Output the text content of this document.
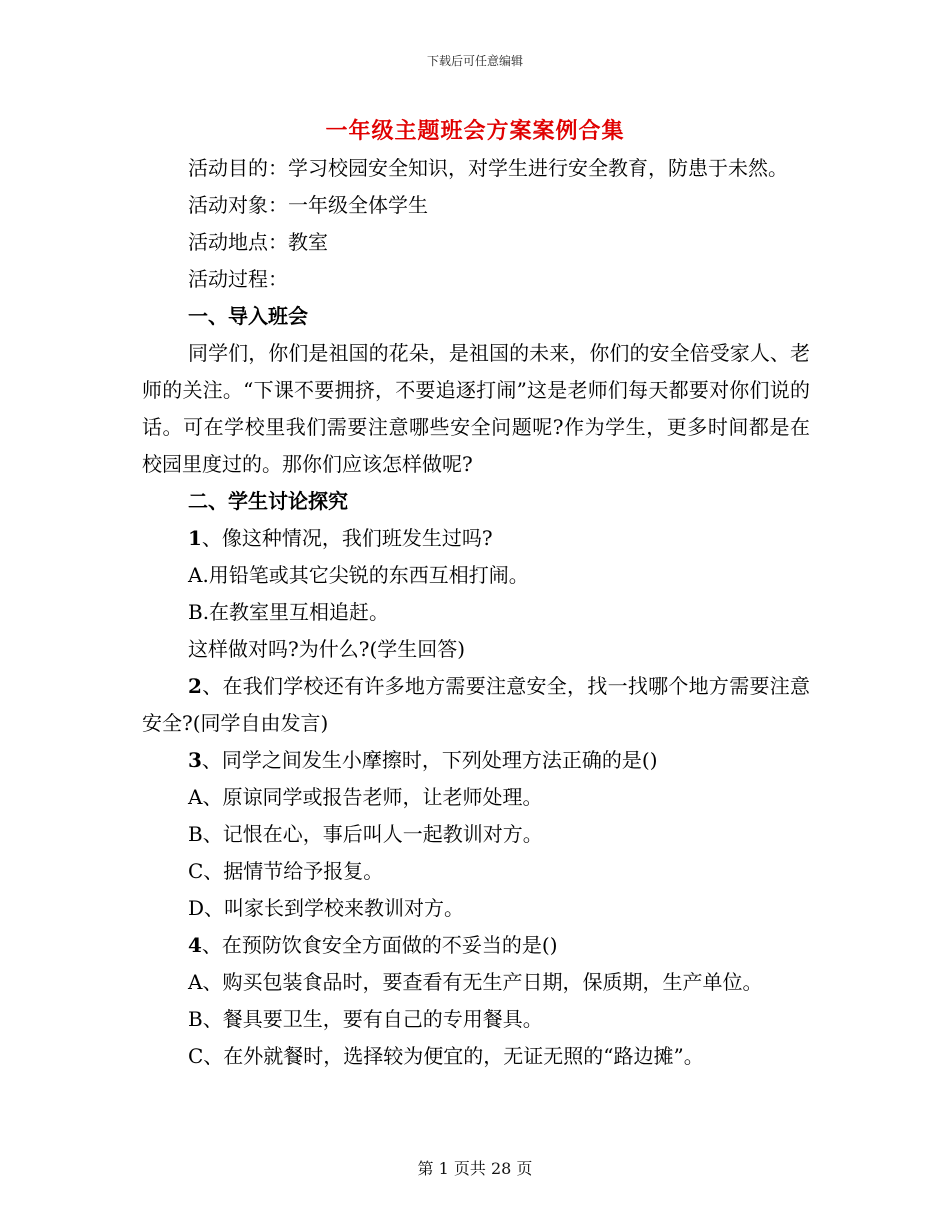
下载后可任意编辑
一年级主题班会方案案例合集

活动目的：学习校园安全知识，对学生进行安全教育，防患于未然。

活动对象：一年级全体学生

活动地点：教室

活动过程：

一、导入班会

同学们，你们是祖国的花朵，是祖国的未来，你们的安全倍受家人、老师的关注。“下课不要拥挤，不要追逐打闹”这是老师们每天都要对你们说的话。可在学校里我们需要注意哪些安全问题呢?作为学生，更多时间都是在校园里度过的。那你们应该怎样做呢?

二、学生讨论探究

1、像这种情况，我们班发生过吗?

A.用铅笔或其它尖锐的东西互相打闹。

B.在教室里互相追赶。

这样做对吗?为什么?(学生回答)

2、在我们学校还有许多地方需要注意安全，找一找哪个地方需要注意安全?(同学自由发言)

3、同学之间发生小摩擦时，下列处理方法正确的是()

A、原谅同学或报告老师，让老师处理。

B、记恨在心，事后叫人一起教训对方。

C、据情节给予报复。

D、叫家长到学校来教训对方。

4、在预防饮食安全方面做的不妥当的是()

A、购买包装食品时，要查看有无生产日期，保质期，生产单位。

B、餐具要卫生，要有自己的专用餐具。

C、在外就餐时，选择较为便宜的，无证无照的“路边摊”。

第 1 页共 28 页
